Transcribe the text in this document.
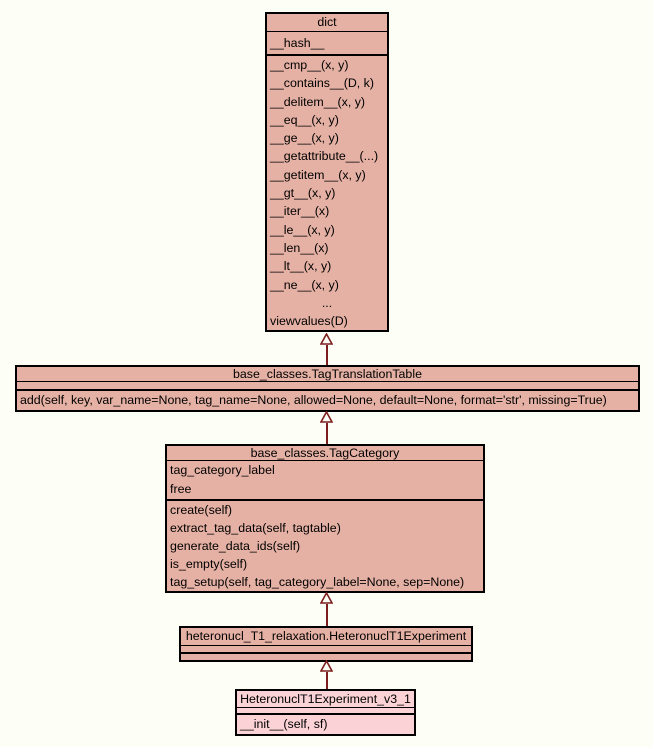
dict
__hash__
__cmp__(x, y)
__contains__(D, k)
__delitem__(x, y)
__eq__(x, y)
__ge__(x, y)
__getattribute__(...)
__getitem__(x, y)
__gt__(x, y)
__iter__(x)
__le__(x, y)
__len__(x)
__lt__(x, y)
__ne__(x, y)
...
viewvalues(D)
base_classes.TagTranslationTable
add(self, key, var_name=None, tag_name=None, allowed=None, default=None, format='str', missing=True)
base_classes.TagCategory
tag_category_label
free
create(self)
extract_tag_data(self, tagtable)
generate_data_ids(self)
is_empty(self)
tag_setup(self, tag_category_label=None, sep=None)
heteronucl_T1_relaxation.HeteronuclT1Experiment
HeteronuclT1Experiment_v3_1
__init__(self, sf)
